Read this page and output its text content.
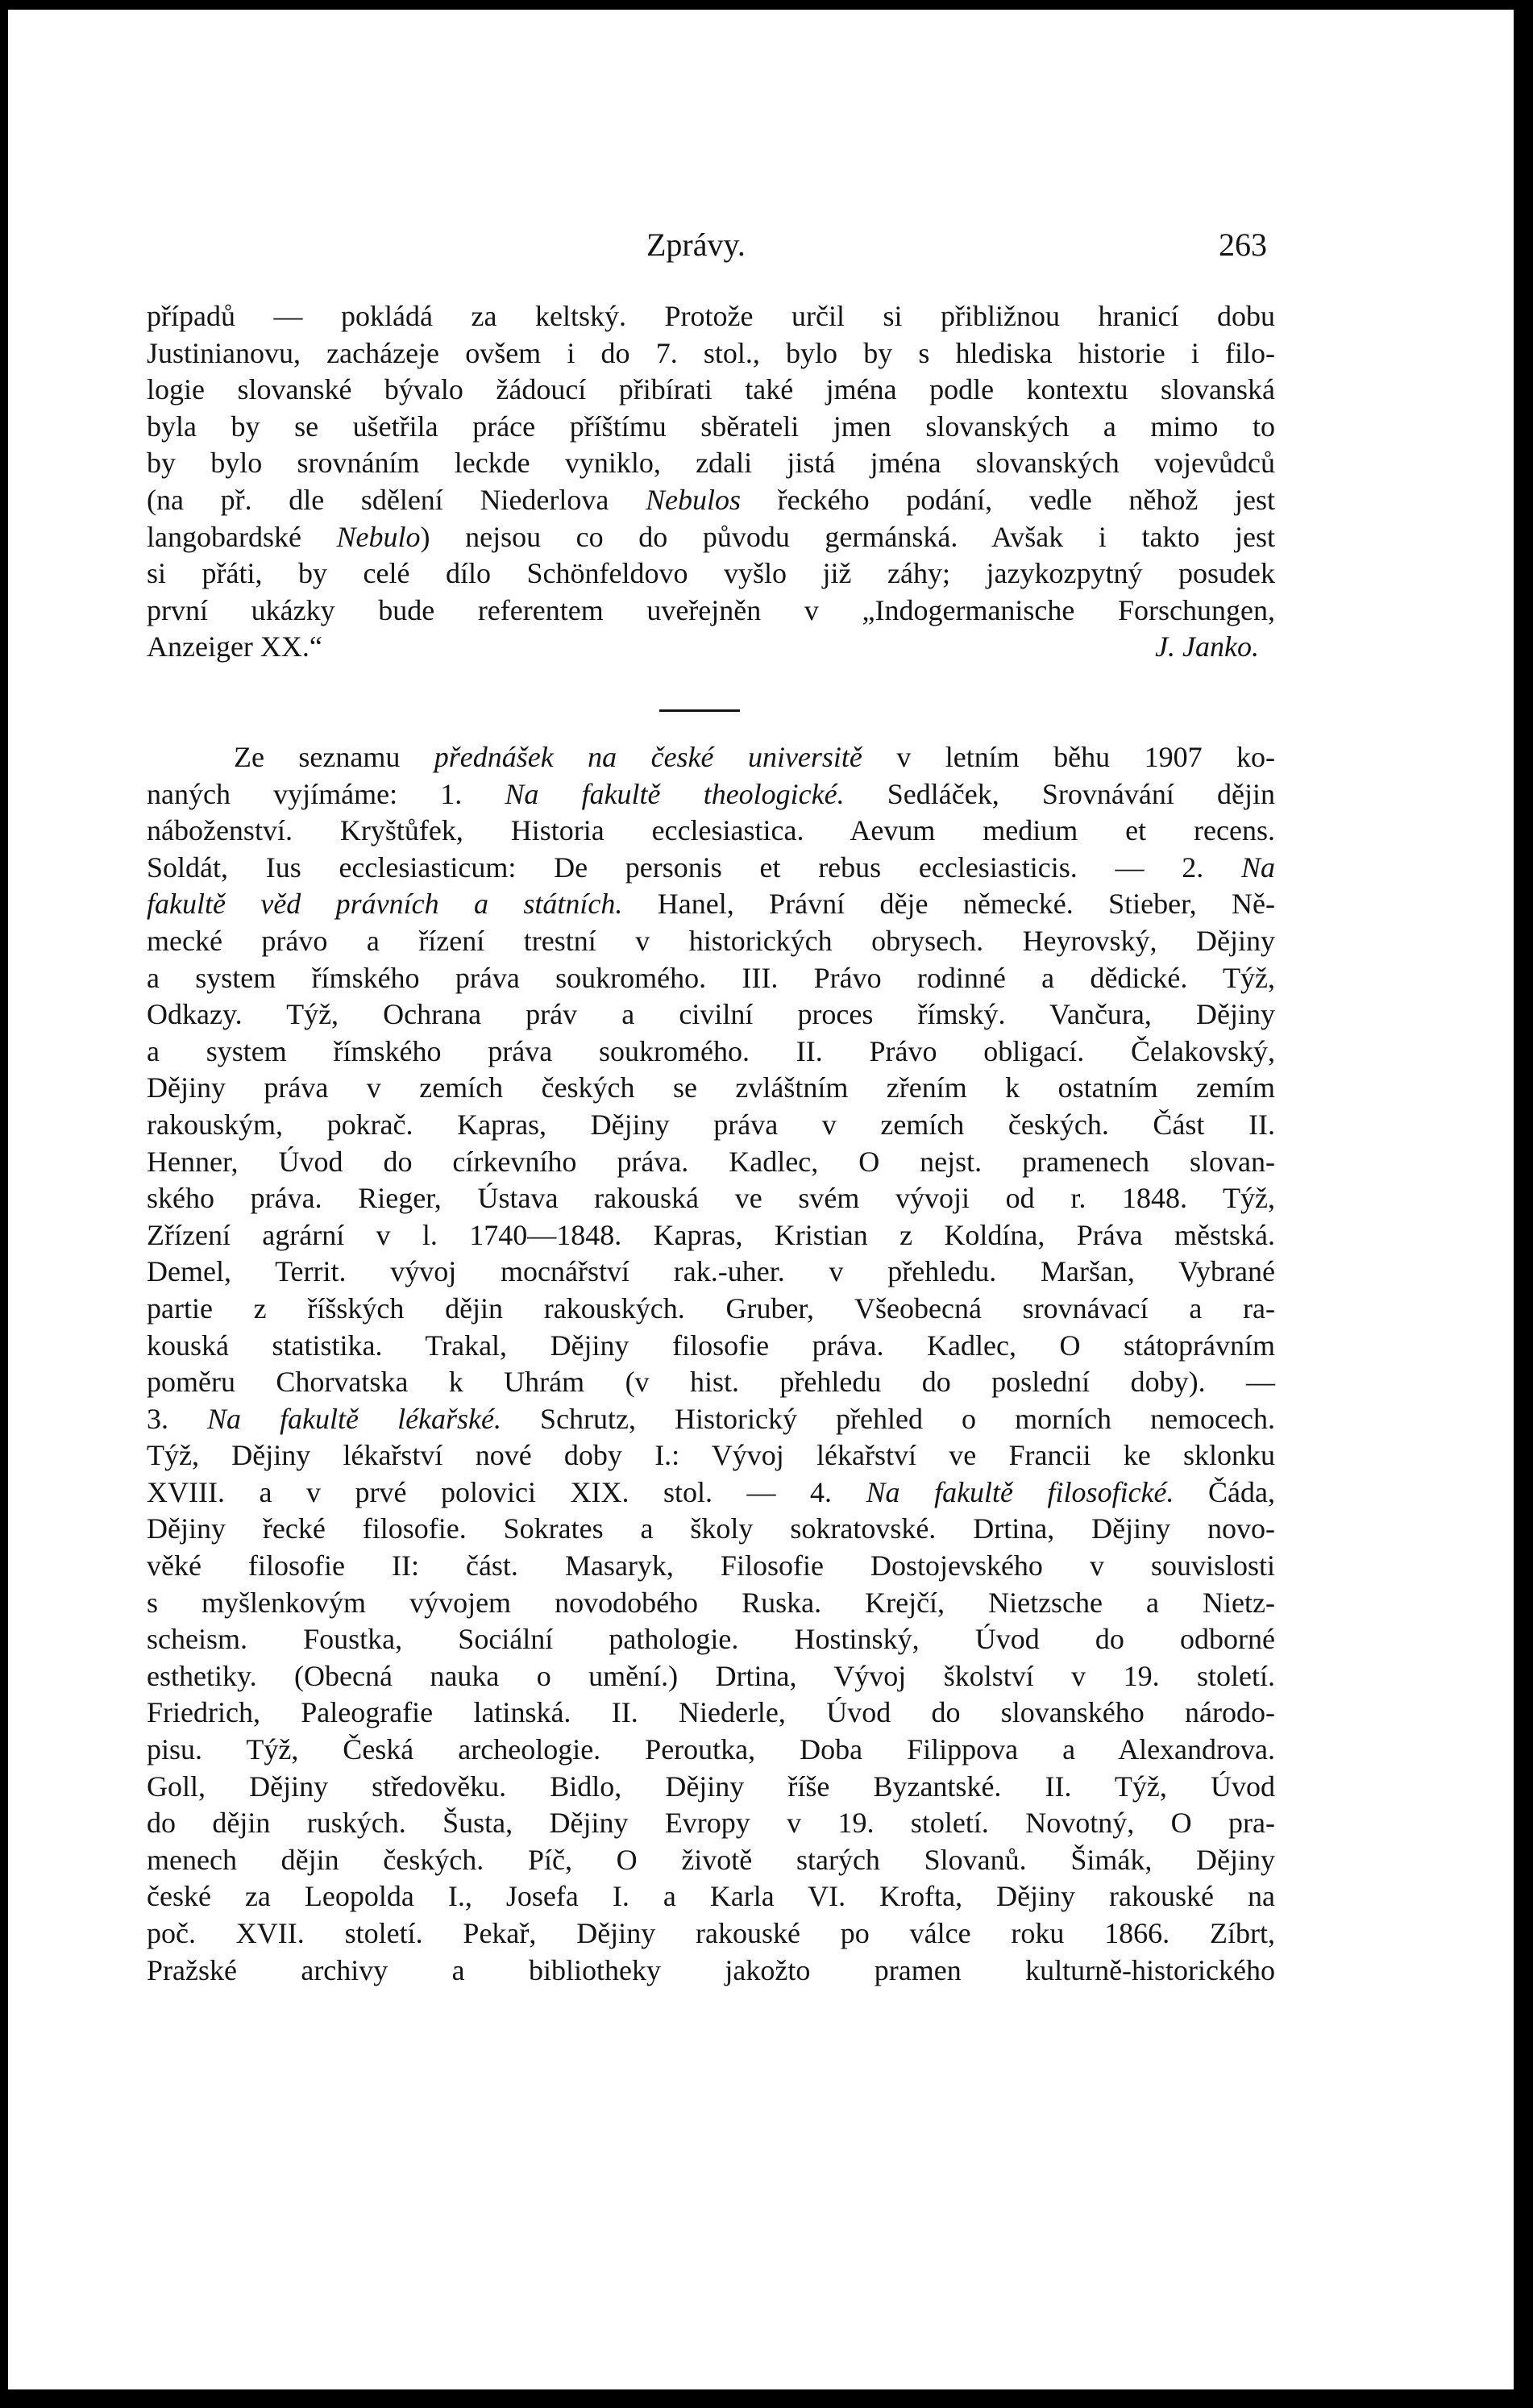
Zprávy.	263
případů — pokládá za keltský. Protože určil si přibližnou hranicí dobu
Justinianovu, zacházeje ovšem i do 7. stol., bylo by s hlediska historie i filo-
logie slovanské bývalo žádoucí přibírati také jména podle kontextu slovanská
byla by se ušetřila práce příštímu sběrateli jmen slovanských a mimo to
by bylo srovnáním leckde vyniklo, zdali jistá jména slovanských vojevůdců
(na př. dle sdělení Niederlova Nebulos řeckého podání, vedle něhož jest
langobardské Nebulo) nejsou co do původu germánská. Avšak i takto jest
si přáti, by celé dílo Schönfeldovo vyšlo již záhy; jazykozpytný posudek
první ukázky bude referentem uveřejněn v „Indogermanische Forschungen,
Anzeiger XX.“	J. Janko.
Ze seznamu přednášek na české universitě v letním běhu 1907 ko-
naných vyjímáme: 1. Na fakultě theologické. Sedláček, Srovnávání dějin
náboženství. Kryštůfek, Historia ecclesiastica. Aevum medium et recens.
Soldát, Ius ecclesiasticum: De personis et rebus ecclesiasticis. — 2. Na
fakultě věd právních a státních. Hanel, Právní děje německé. Stieber, Ně-
mecké právo a řízení trestní v historických obrysech. Heyrovský, Dějiny
a system římského práva soukromého. III. Právo rodinné a dědické. Týž,
Odkazy. Týž, Ochrana práv a civilní proces římský. Vančura, Dějiny
a system římského práva soukromého. II. Právo obligací. Čelakovský,
Dějiny práva v zemích českých se zvláštním zřením k ostatním zemím
rakouským, pokrač. Kapras, Dějiny práva v zemích českých. Část II.
Henner, Úvod do církevního práva. Kadlec, O nejst. pramenech slovan-
ského práva. Rieger, Ústava rakouská ve svém vývoji od r. 1848. Týž,
Zřízení agrární v l. 1740—1848. Kapras, Kristian z Koldína, Práva městská.
Demel, Territ. vývoj mocnářství rak.-uher. v přehledu. Maršan, Vybrané
partie z říšských dějin rakouských. Gruber, Všeobecná srovnávací a ra-
kouská statistika. Trakal, Dějiny filosofie práva. Kadlec, O státoprávním
poměru Chorvatska k Uhrám (v hist. přehledu do poslední doby). —
3. Na fakultě lékařské. Schrutz, Historický přehled o morních nemocech.
Týž, Dějiny lékařství nové doby I.: Vývoj lékařství ve Francii ke sklonku
XVIII. a v prvé polovici XIX. stol. — 4. Na fakultě filosofické. Čáda,
Dějiny řecké filosofie. Sokrates a školy sokratovské. Drtina, Dějiny novo-
věké filosofie II: část. Masaryk, Filosofie Dostojevského v souvislosti
s myšlenkovým vývojem novodobého Ruska. Krejčí, Nietzsche a Nietz-
scheism. Foustka, Sociální pathologie. Hostinský, Úvod do odborné
esthetiky. (Obecná nauka o umění.) Drtina, Vývoj školství v 19. století.
Friedrich, Paleografie latinská. II. Niederle, Úvod do slovanského národo-
pisu. Týž, Česká archeologie. Peroutka, Doba Filippova a Alexandrova.
Goll, Dějiny středověku. Bidlo, Dějiny říše Byzantské. II. Týž, Úvod
do dějin ruských. Šusta, Dějiny Evropy v 19. století. Novotný, O pra-
menech dějin českých. Píč, O životě starých Slovanů. Šimák, Dějiny
české za Leopolda I., Josefa I. a Karla VI. Krofta, Dějiny rakouské na
poč. XVII. století. Pekař, Dějiny rakouské po válce roku 1866. Zíbrt,
Pražské archivy a bibliotheky jakožto pramen kulturně-historického
